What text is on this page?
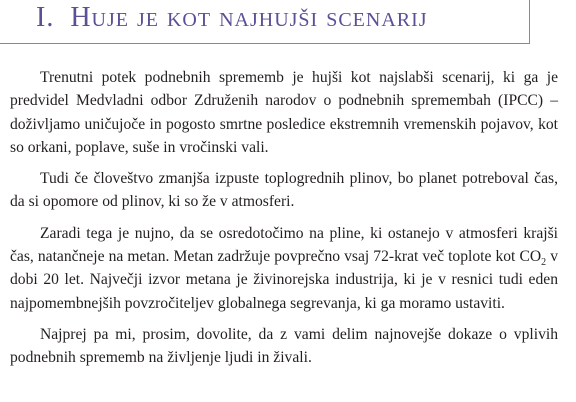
I. Huje je kot najhujši scenarij

Trenutni potek podnebnih sprememb je hujši kot najslabši scenarij, ki ga je predvidel Medvladni odbor Združenih narodov o podnebnih spremembah (IPCC) – doživljamo uničujoče in pogosto smrtne posledice ekstremnih vremenskih pojavov, kot so orkani, poplave, suše in vročinski vali.

Tudi če človeštvo zmanjša izpuste toplogrednih plinov, bo planet potreboval čas, da si opomore od plinov, ki so že v atmosferi.

Zaradi tega je nujno, da se osredotočimo na pline, ki ostanejo v atmosferi krajši čas, natančneje na metan. Metan zadržuje povprečno vsaj 72-krat več toplote kot $CO_2$ v dobi 20 let. Največji izvor metana je živinorejska industrija, ki je v resnici tudi eden najpomembnejših povzročiteljev globalnega segrevanja, ki ga moramo ustaviti.

Najprej pa mi, prosim, dovolite, da z vami delim najnovejše dokaze o vplivih podnebnih sprememb na življenje ljudi in živali.
